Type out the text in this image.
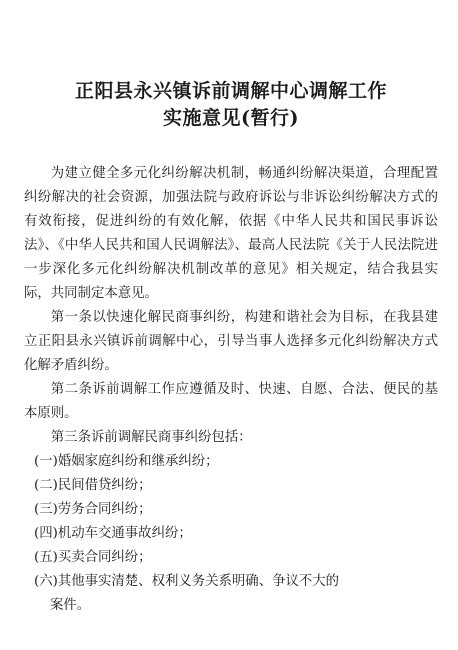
正阳县永兴镇诉前调解中心调解工作
实施意见(暂行)

为建立健全多元化纠纷解决机制，畅通纠纷解决渠道，合理配置纠纷解决的社会资源，加强法院与政府诉讼与非诉讼纠纷解决方式的有效衔接，促进纠纷的有效化解，依据《中华人民共和国民事诉讼法》、《中华人民共和国人民调解法》、最高人民法院《关于人民法院进一步深化多元化纠纷解决机制改革的意见》相关规定，结合我县实际，共同制定本意见。

第一条以快速化解民商事纠纷，构建和谐社会为目标，在我县建立正阳县永兴镇诉前调解中心，引导当事人选择多元化纠纷解决方式化解矛盾纠纷。

第二条诉前调解工作应遵循及时、快速、自愿、合法、便民的基本原则。

第三条诉前调解民商事纠纷包括：

(一)婚姻家庭纠纷和继承纠纷；

(二)民间借贷纠纷；

(三)劳务合同纠纷；

(四)机动车交通事故纠纷；

(五)买卖合同纠纷；

(六)其他事实清楚、权利义务关系明确、争议不大的
案件。
